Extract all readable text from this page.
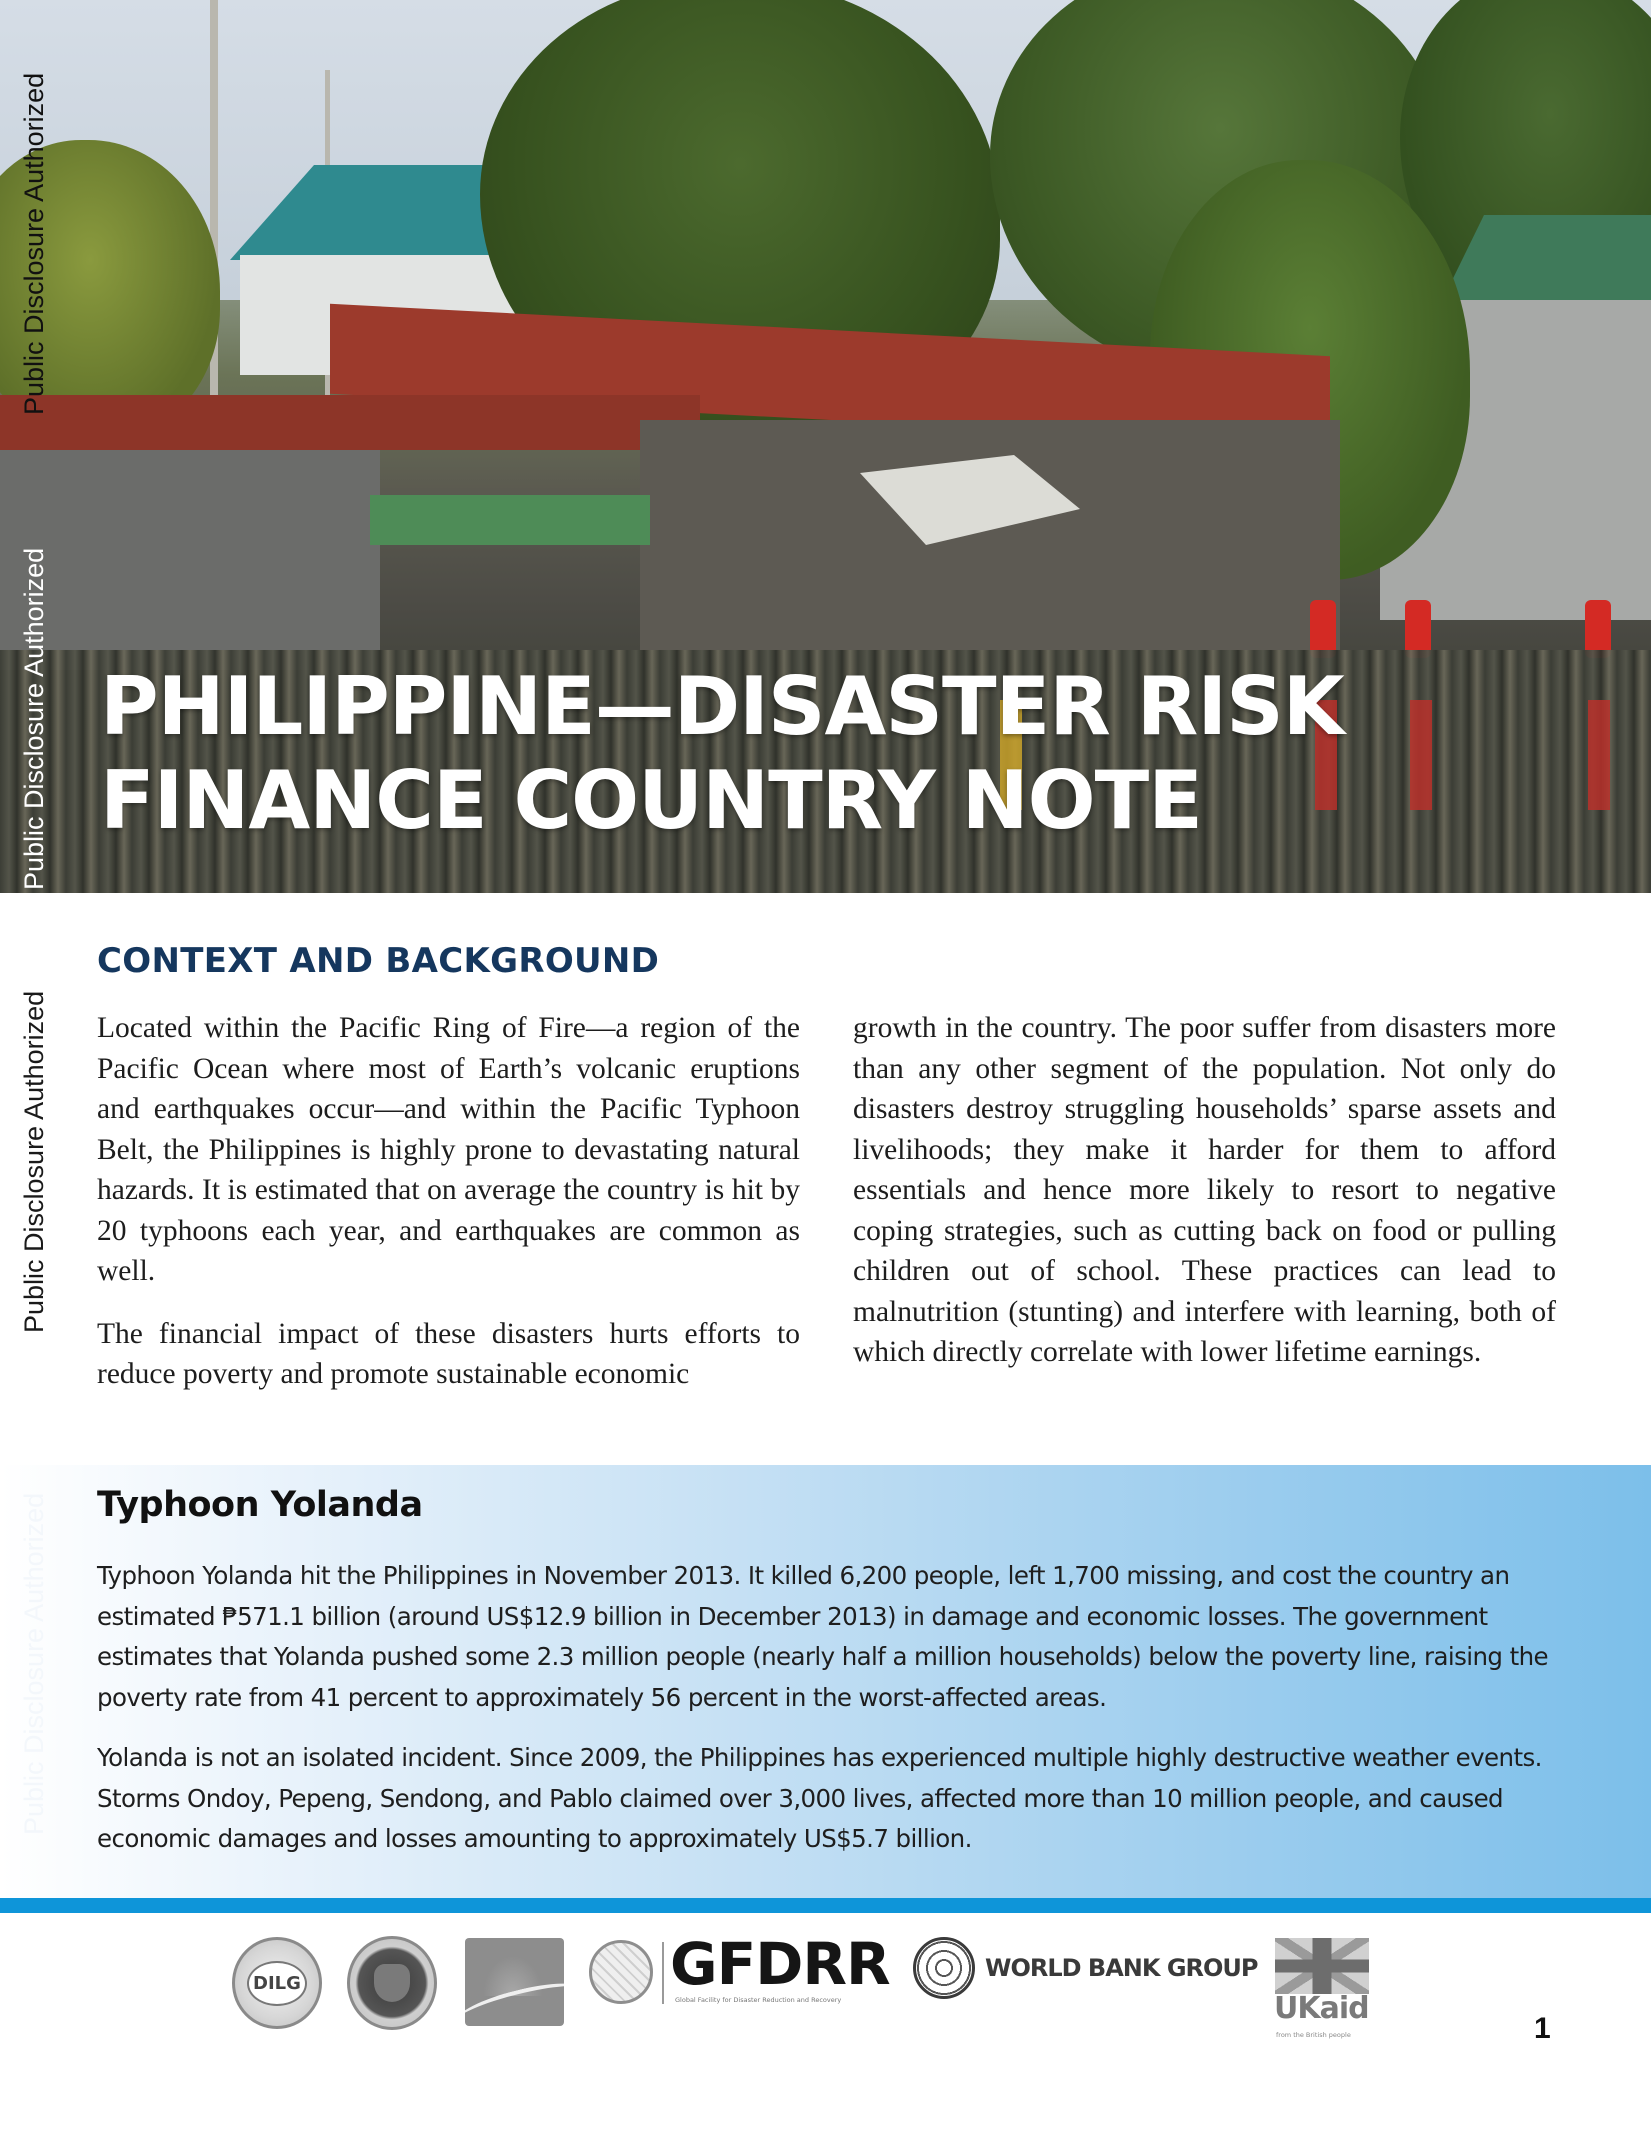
PHILIPPINE—DISASTER RISK
FINANCE COUNTRY NOTE
Public Disclosure Authorized
Public Disclosure Authorized
Public Disclosure Authorized
CONTEXT AND BACKGROUND

Located within the Pacific Ring of Fire—a region of the Pacific Ocean where most of Earth’s volcanic eruptions and earthquakes occur—and within the Pacific Typhoon Belt, the Philippines is highly prone to devastating natural hazards. It is estimated that on average the country is hit by 20 typhoons each year, and earthquakes are common as well.

The financial impact of these disasters hurts efforts to reduce poverty and promote sustainable economic

growth in the country. The poor suffer from disasters more than any other segment of the population. Not only do disasters destroy struggling households’ sparse assets and livelihoods; they make it harder for them to afford essentials and hence more likely to resort to negative coping strategies, such as cutting back on food or pulling children out of school. These practices can lead to malnutrition (stunting) and interfere with learning, both of which directly correlate with lower lifetime earnings.

Public Disclosure Authorized Typhoon Yolanda

Typhoon Yolanda hit the Philippines in November 2013. It killed 6,200 people, left 1,700 missing, and cost the country an estimated ₱571.1 billion (around US$12.9 billion in December 2013) in damage and economic losses. The government estimates that Yolanda pushed some 2.3 million people (nearly half a million households) below the poverty line, raising the poverty rate from 41 percent to approximately 56 percent in the worst-affected areas.

Yolanda is not an isolated incident. Since 2009, the Philippines has experienced multiple highly destructive weather events. Storms Ondoy, Pepeng, Sendong, and Pablo claimed over 3,000 lives, affected more than 10 million people, and caused economic damages and losses amounting to approximately US$5.7 billion.

DILG	GFDRR
Global Facility for Disaster Reduction and Recovery
WORLD BANK GROUP
UKaid
from the British people	1
